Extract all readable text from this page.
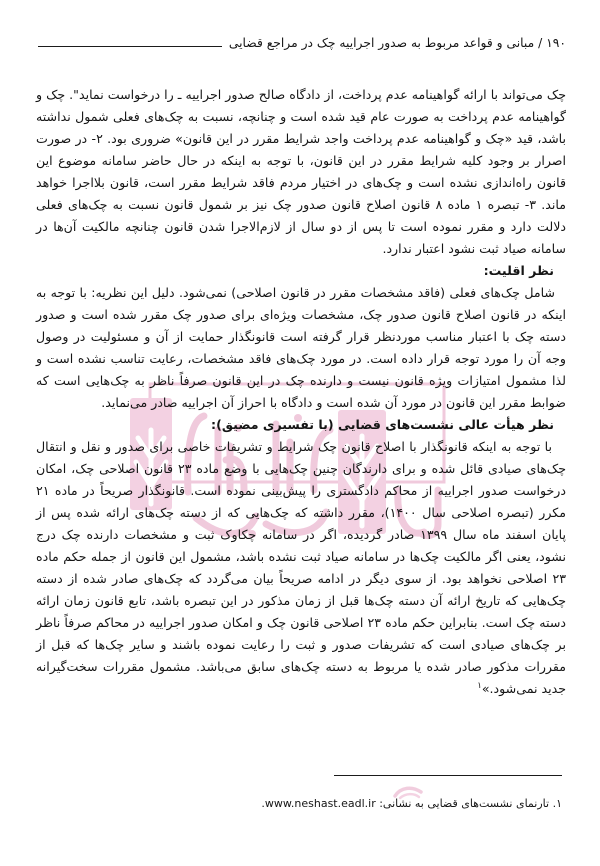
۱۹۰ / مبانی و قواعد مربوط به صدور اجراییه چک در مراجع قضایی

چک می‌تواند با ارائه گواهینامه عدم پرداخت، از دادگاه صالح صدور اجراییه ـ را درخواست نماید". چک و گواهینامه عدم پرداخت به صورت عام قید شده است و چنانچه، نسبت به چک‌های فعلی شمول نداشته باشد، قید «چک و گواهینامه عدم پرداخت واجد شرایط مقرر در این قانون» ضروری بود. ۲- در صورت اصرار بر وجود کلیه شرایط مقرر در این قانون، با توجه به اینکه در حال حاضر سامانه موضوع این قانون راه‌اندازی نشده است و چک‌های در اختیار مردم فاقد شرایط مقرر است، قانون بلااجرا خواهد ماند. ۳- تبصره ۱ ماده ۸ قانون اصلاح قانون صدور چک نیز بر شمول قانون نسبت به چک‌های فعلی دلالت دارد و مقرر نموده است تا پس از دو سال از لازم‌الاجرا شدن قانون چنانچه مالکیت آن‌ها در سامانه صیاد ثبت نشود اعتبار ندارد.

نظر اقلیت:

شامل چک‌های فعلی (فاقد مشخصات مقرر در قانون اصلاحی) نمی‌شود. دلیل این نظریه: با توجه به اینکه در قانون اصلاح قانون صدور چک، مشخصات ویژه‌ای برای صدور چک مقرر شده است و صدور دسته چک با اعتبار مناسب موردنظر قرار گرفته است قانونگذار حمایت از آن و مسئولیت در وصول وجه آن را مورد توجه قرار داده است. در مورد چک‌های فاقد مشخصات، رعایت تناسب نشده است و لذا مشمول امتیازات ویژه قانون نیست و دارنده چک در این قانون صرفاً ناظر به چک‌هایی است که ضوابط مقرر این قانون در مورد آن شده است و دادگاه با احراز آن اجراییه صادر می‌نماید.

نظر هیأت عالی نشست‌های قضایی (با تفسیری مضیق):

با توجه به اینکه قانونگذار با اصلاح قانون چک شرایط و تشریفات خاصی برای صدور و نقل و انتقال چک‌های صیادی قائل شده و برای دارندگان چنین چک‌هایی با وضع ماده ۲۳ قانون اصلاحی چک، امکان درخواست صدور اجراییه از محاکم دادگستری را پیش‌بینی نموده است. قانونگذار صریحاً در ماده ۲۱ مکرر (تبصره اصلاحی سال ۱۴۰۰)، مقرر داشته که چک‌هایی که از دسته چک‌های ارائه شده پس از پایان اسفند ماه سال ۱۳۹۹ صادر گردیده، اگر در سامانه چکاوک ثبت و مشخصات دارنده چک درج نشود، یعنی اگر مالکیت چک‌ها در سامانه صیاد ثبت نشده باشد، مشمول این قانون از جمله حکم ماده ۲۳ اصلاحی نخواهد بود. از سوی دیگر در ادامه صریحاً بیان می‌گردد که چک‌های صادر شده از دسته چک‌هایی که تاریخ ارائه آن دسته چک‌ها قبل از زمان مذکور در این تبصره باشد، تابع قانون زمان ارائه دسته چک است. بنابراین حکم ماده ۲۳ اصلاحی قانون چک و امکان صدور اجراییه در محاکم صرفاً ناظر بر چک‌های صیادی است که تشریفات صدور و ثبت را رعایت نموده باشند و سایر چک‌ها که قبل از مقررات مذکور صادر شده یا مربوط به دسته چک‌های سابق می‌باشد. مشمول مقررات سخت‌گیرانه جدید نمی‌شود.»$^۱$

۱. تارنمای نشست‌های قضایی به نشانی: www.neshast.eadl.ir.
